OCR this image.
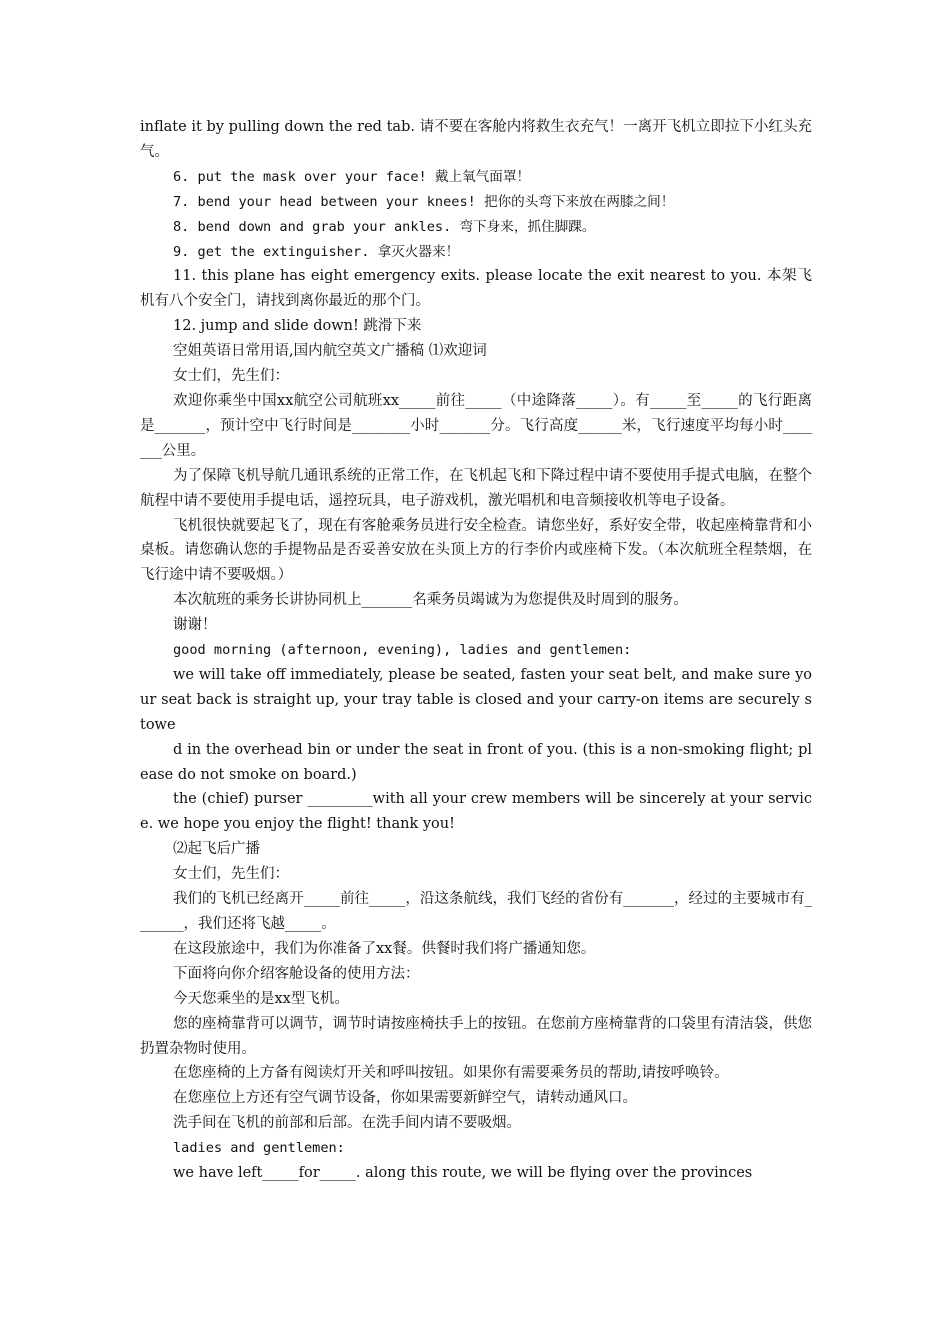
inflate it by pulling down the red tab. 请不要在客舱内将救生衣充气！一离开飞机立即拉下小红头充气。

6. put the mask over your face! 戴上氧气面罩！

7. bend your head between your knees! 把你的头弯下来放在两膝之间！

8. bend down and grab your ankles. 弯下身来，抓住脚踝。

9. get the extinguisher. 拿灭火器来！

11. this plane has eight emergency exits. please locate the exit nearest to you. 本架飞机有八个安全门，请找到离你最近的那个门。

12. jump and slide down! 跳滑下来

空姐英语日常用语,国内航空英文广播稿 ⑴欢迎词

女士们，先生们：

欢迎你乘坐中国xx航空公司航班xx_____前往_____（中途降落_____）。有_____至_____的飞行距离是_______，预计空中飞行时间是________小时_______分。飞行高度______米，飞行速度平均每小时_______公里。

为了保障飞机导航几通讯系统的正常工作，在飞机起飞和下降过程中请不要使用手提式电脑，在整个航程中请不要使用手提电话，遥控玩具，电子游戏机，激光唱机和电音频接收机等电子设备。

飞机很快就要起飞了，现在有客舱乘务员进行安全检查。请您坐好，系好安全带，收起座椅靠背和小桌板。请您确认您的手提物品是否妥善安放在头顶上方的行李价内或座椅下发。（本次航班全程禁烟，在飞行途中请不要吸烟。）

本次航班的乘务长讲协同机上_______名乘务员竭诚为为您提供及时周到的服务。

谢谢！

good morning (afternoon, evening), ladies and gentlemen:

we will take off immediately, please be seated, fasten your seat belt, and make sure your seat back is straight up, your tray table is closed and your carry-on items are securely stowe

d in the overhead bin or under the seat in front of you. (this is a non-smoking flight; please do not smoke on board.)

the (chief) purser _________with all your crew members will be sincerely at your service. we hope you enjoy the flight! thank you!

⑵起飞后广播

女士们，先生们：

我们的飞机已经离开_____前往_____，沿这条航线，我们飞经的省份有_______，经过的主要城市有_______，我们还将飞越_____。

在这段旅途中，我们为你准备了xx餐。供餐时我们将广播通知您。

下面将向你介绍客舱设备的使用方法：

今天您乘坐的是xx型飞机。

您的座椅靠背可以调节，调节时请按座椅扶手上的按钮。在您前方座椅靠背的口袋里有清洁袋，供您扔置杂物时使用。

在您座椅的上方备有阅读灯开关和呼叫按钮。如果你有需要乘务员的帮助,请按呼唤铃。

在您座位上方还有空气调节设备，你如果需要新鲜空气，请转动通风口。

洗手间在飞机的前部和后部。在洗手间内请不要吸烟。

ladies and gentlemen:

we have left_____for_____. along this route, we will be flying over the provinces
